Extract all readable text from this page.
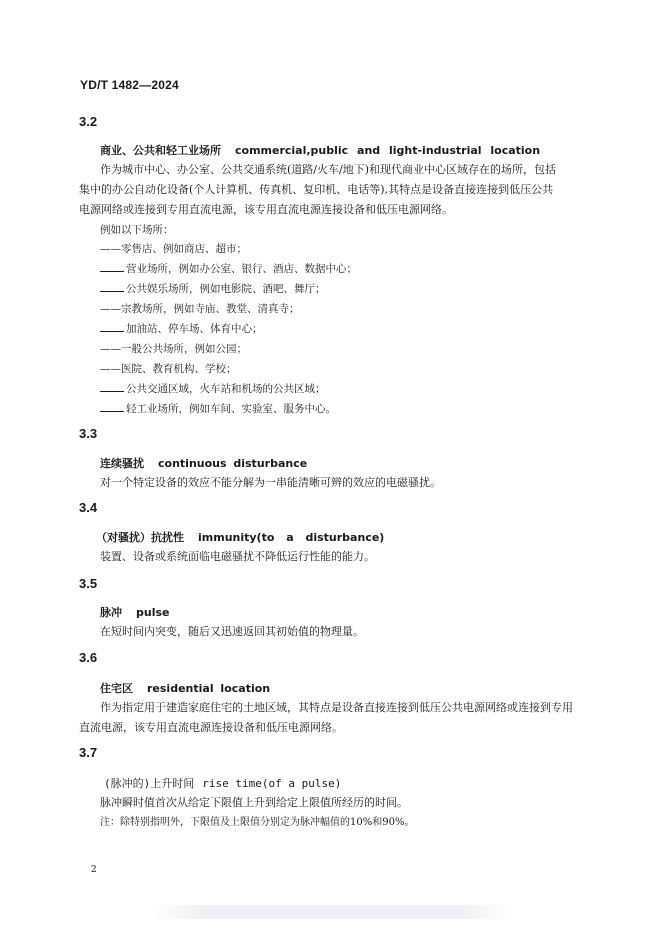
YD/T 1482—2024
3.2
商业、公共和轻工业场所 commercial,public and light-industrial location
作为城市中心、办公室、公共交通系统(道路/火车/地下)和现代商业中心区域存在的场所，包括
集中的办公自动化设备(个人计算机、传真机、复印机、电话等),其特点是设备直接连接到低压公共
电源网络或连接到专用直流电源，该专用直流电源连接设备和低压电源网络。
例如以下场所：
——零售店、例如商店、超市；
营业场所，例如办公室、银行、酒店、数据中心；
公共娱乐场所，例如电影院、酒吧、舞厅；
——宗教场所，例如寺庙、教堂、清真寺；
加油站、停车场、体育中心；
——一般公共场所，例如公园；
——医院、教育机构、学校；
公共交通区域，火车站和机场的公共区域；
轻工业场所，例如车间、实验室、服务中心。
3.3
连续骚扰 continuous disturbance
对一个特定设备的效应不能分解为一串能清晰可辨的效应的电磁骚扰。
3.4
（对骚扰）抗扰性 immunity(to a disturbance)
装置、设备或系统面临电磁骚扰不降低运行性能的能力。
3.5
脉冲 pulse
在短时间内突变，随后又迅速返回其初始值的物理量。
3.6
住宅区 residential location
作为指定用于建造家庭住宅的土地区域，其特点是设备直接连接到低压公共电源网络或连接到专用
直流电源，该专用直流电源连接设备和低压电源网络。
3.7
(脉冲的)上升时间 rise time(of a pulse)
脉冲瞬时值首次从给定下限值上升到给定上限值所经历的时间。
注：除特别指明外，下限值及上限值分别定为脉冲幅值的10%和90%。
2
